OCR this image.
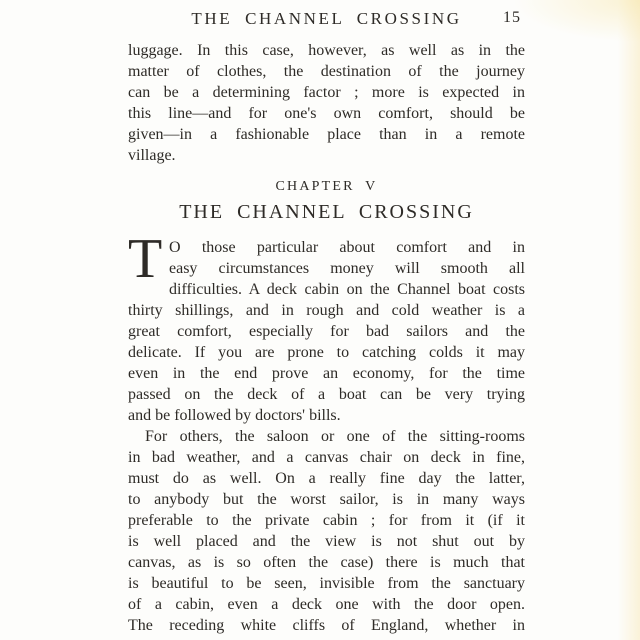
THE CHANNEL CROSSING	15
luggage. In this case, however, as well as in the
matter of clothes, the destination of the journey
can be a determining factor ; more is expected in
this line—and for one's own comfort, should be
given—in a fashionable place than in a remote
village.
CHAPTER V
THE CHANNEL CROSSING
T O those particular about comfort and in
easy circumstances money will smooth all
difficulties. A deck cabin on the Channel boat costs
thirty shillings, and in rough and cold weather is a
great comfort, especially for bad sailors and the
delicate. If you are prone to catching colds it may
even in the end prove an economy, for the time
passed on the deck of a boat can be very trying
and be followed by doctors' bills.
For others, the saloon or one of the sitting-rooms
in bad weather, and a canvas chair on deck in fine,
must do as well. On a really fine day the latter,
to anybody but the worst sailor, is in many ways
preferable to the private cabin ; for from it (if it
is well placed and the view is not shut out by
canvas, as is so often the case) there is much that
is beautiful to be seen, invisible from the sanctuary
of a cabin, even a deck one with the door open.
The receding white cliffs of England, whether in
